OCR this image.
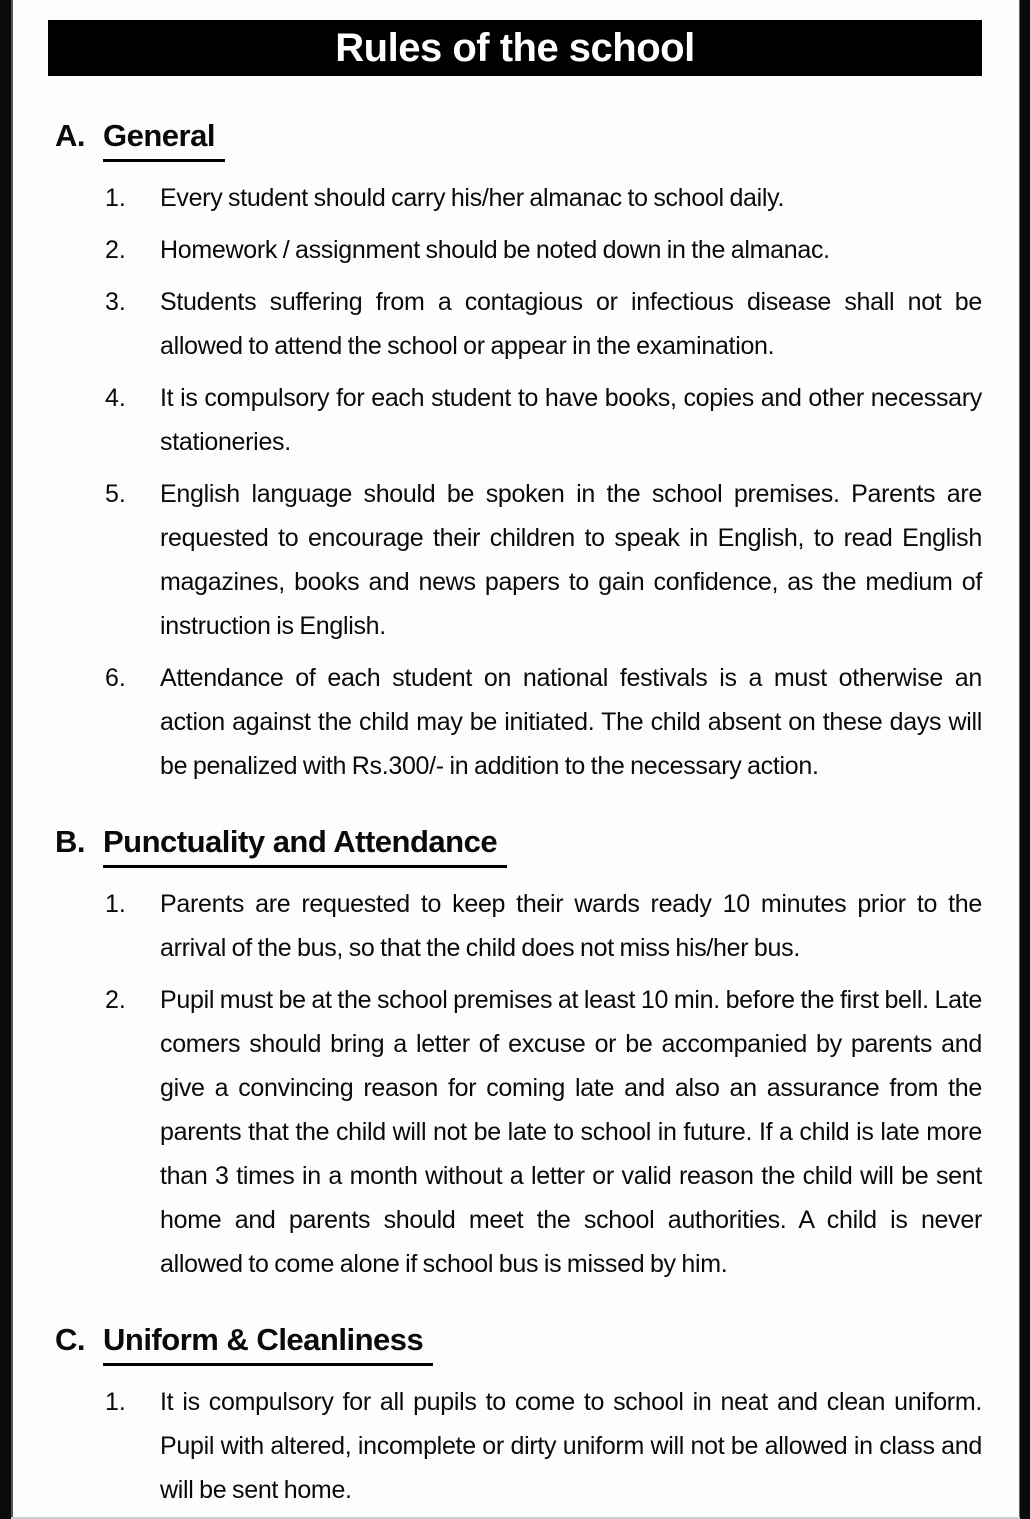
Rules of the school
A. General
1.	Every student should carry his/her almanac to school daily.
2.	Homework / assignment should be noted down in the almanac.
3.	Students suffering from a contagious or infectious disease shall not be allowed to attend the school or appear in the examination.
4.	It is compulsory for each student to have books, copies and other necessary stationeries.
5.	English language should be spoken in the school premises. Parents are requested to encourage their children to speak in English, to read English magazines, books and news papers to gain confidence, as the medium of instruction is English.
6.	Attendance of each student on national festivals is a must otherwise an action against the child may be initiated. The child absent on these days will be penalized with Rs.300/- in addition to the necessary action.
B. Punctuality and Attendance
1.	Parents are requested to keep their wards ready 10 minutes prior to the arrival of the bus, so that the child does not miss his/her bus.
2.	Pupil must be at the school premises at least 10 min. before the first bell. Late comers should bring a letter of excuse or be accompanied by parents and give a convincing reason for coming late and also an assurance from the parents that the child will not be late to school in future. If a child is late more than 3 times in a month without a letter or valid reason the child will be sent home and parents should meet the school authorities. A child is never allowed to come alone if school bus is missed by him.
C. Uniform & Cleanliness
1.	It is compulsory for all pupils to come to school in neat and clean uniform. Pupil with altered, incomplete or dirty uniform will not be allowed in class and will be sent home.
